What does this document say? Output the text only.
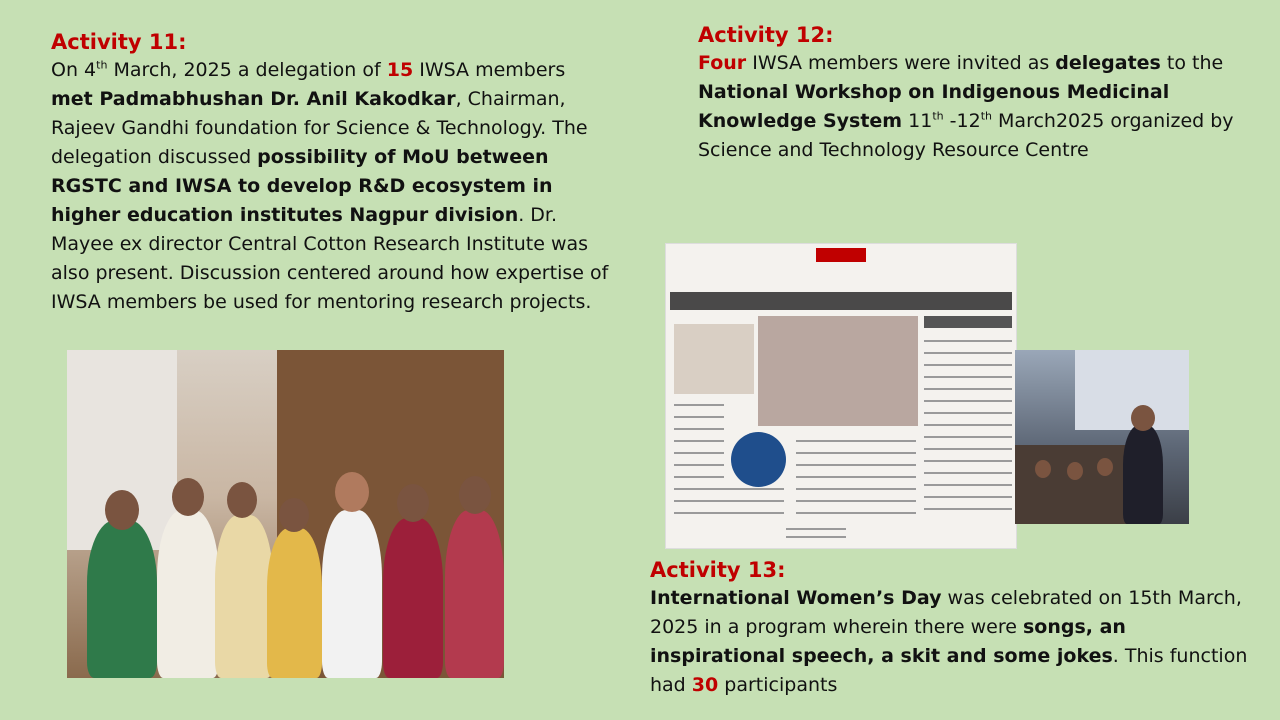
Activity 11:
On 4th March, 2025 a delegation of 15 IWSA members met Padmabhushan Dr. Anil Kakodkar, Chairman, Rajeev Gandhi foundation for Science & Technology. The delegation discussed possibility of MoU between RGSTC and IWSA to develop R&D ecosystem in higher education institutes Nagpur division. Dr. Mayee ex director Central Cotton Research Institute was also present. Discussion centered around how expertise of IWSA members be used for mentoring research projects.
Activity 12:
Four IWSA members were invited as delegates to the National Workshop on Indigenous Medicinal Knowledge System 11th -12th March2025 organized by Science and Technology Resource Centre
Activity 13:
International Women’s Day was celebrated on 15th March, 2025 in a program wherein there were songs, an inspirational speech, a skit and some jokes. This function had 30 participants
